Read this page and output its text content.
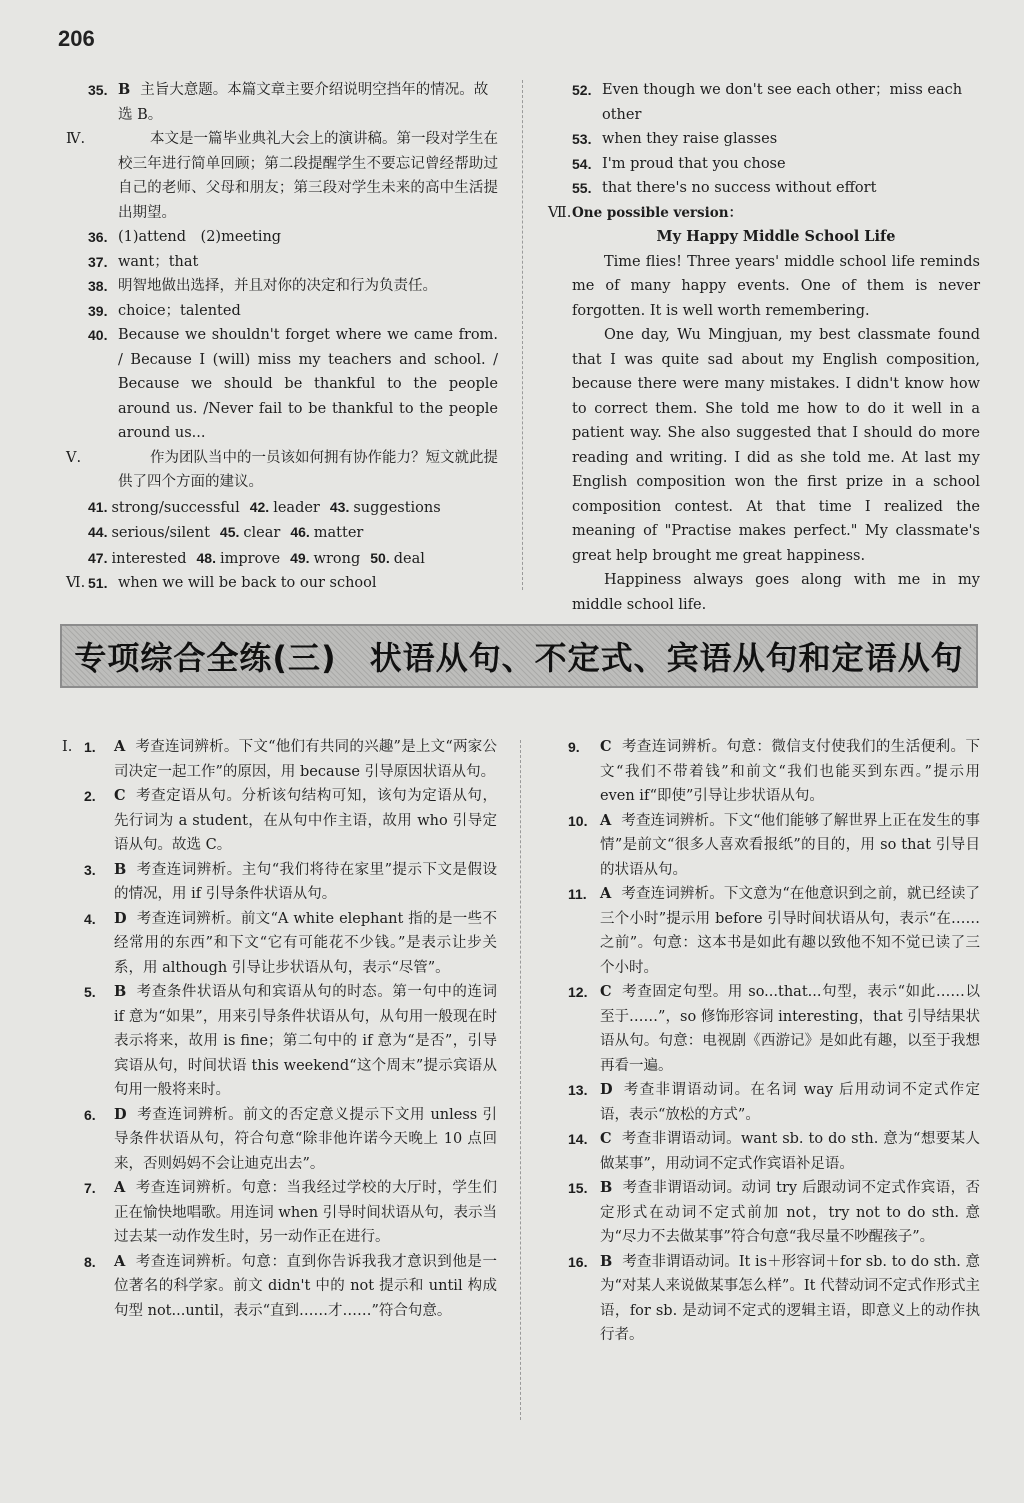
206
35. B 主旨大意题。本篇文章主要介绍说明空挡年的情况。故选 B。
Ⅳ.	本文是一篇毕业典礼大会上的演讲稿。第一段对学生在校三年进行简单回顾；第二段提醒学生不要忘记曾经帮助过自己的老师、父母和朋友；第三段对学生未来的高中生活提出期望。
36. (1)attend　(2)meeting
37. want；that
38. 明智地做出选择，并且对你的决定和行为负责任。
39. choice；talented
40. Because we shouldn't forget where we came from. / Because I (will) miss my teachers and school. / Because we should be thankful to the people around us. /Never fail to be thankful to the people around us...
Ⅴ.	作为团队当中的一员该如何拥有协作能力？短文就此提供了四个方面的建议。
41. strong/successful 42. leader 43. suggestions
44. serious/silent 45. clear 46. matter
47. interested 48. improve 49. wrong 50. deal
Ⅵ. 51. when we will be back to our school
52. Even though we don't see each other；miss each other
53. when they raise glasses
54. I'm proud that you chose
55. that there's no success without effort
Ⅶ. One possible version：
My Happy Middle School Life

Time flies! Three years' middle school life reminds me of many happy events. One of them is never forgotten. It is well worth remembering.

One day, Wu Mingjuan, my best classmate found that I was quite sad about my English composition, because there were many mistakes. I didn't know how to correct them. She told me how to do it well in a patient way. She also suggested that I should do more reading and writing. I did as she told me. At last my English composition won the first prize in a school composition contest. At that time I realized the meaning of "Practise makes perfect." My classmate's great help brought me great happiness.

Happiness always goes along with me in my middle school life.

专项综合全练(三)　状语从句、不定式、宾语从句和定语从句
Ⅰ. 1. A 考查连词辨析。下文“他们有共同的兴趣”是上文“两家公司决定一起工作”的原因，用 because 引导原因状语从句。
2. C 考查定语从句。分析该句结构可知，该句为定语从句，先行词为 a student，在从句中作主语，故用 who 引导定语从句。故选 C。
3. B 考查连词辨析。主句“我们将待在家里”提示下文是假设的情况，用 if 引导条件状语从句。
4. D 考查连词辨析。前文“A white elephant 指的是一些不经常用的东西”和下文“它有可能花不少钱。”是表示让步关系，用 although 引导让步状语从句，表示“尽管”。
5. B 考查条件状语从句和宾语从句的时态。第一句中的连词 if 意为“如果”，用来引导条件状语从句，从句用一般现在时表示将来，故用 is fine；第二句中的 if 意为“是否”，引导宾语从句，时间状语 this weekend“这个周末”提示宾语从句用一般将来时。
6. D 考查连词辨析。前文的否定意义提示下文用 unless 引导条件状语从句，符合句意“除非他许诺今天晚上 10 点回来，否则妈妈不会让迪克出去”。
7. A 考查连词辨析。句意：当我经过学校的大厅时，学生们正在愉快地唱歌。用连词 when 引导时间状语从句，表示当过去某一动作发生时，另一动作正在进行。
8. A 考查连词辨析。句意：直到你告诉我我才意识到他是一位著名的科学家。前文 didn't 中的 not 提示和 until 构成句型 not...until，表示“直到……才……”符合句意。
9. C 考查连词辨析。句意：微信支付使我们的生活便利。下文“我们不带着钱”和前文“我们也能买到东西。”提示用 even if“即使”引导让步状语从句。
10. A 考查连词辨析。下文“他们能够了解世界上正在发生的事情”是前文“很多人喜欢看报纸”的目的，用 so that 引导目的状语从句。
11. A 考查连词辨析。下文意为“在他意识到之前，就已经读了三个小时”提示用 before 引导时间状语从句，表示“在……之前”。句意：这本书是如此有趣以致他不知不觉已读了三个小时。
12. C 考查固定句型。用 so...that...句型，表示“如此……以至于……”，so 修饰形容词 interesting，that 引导结果状语从句。句意：电视剧《西游记》是如此有趣，以至于我想再看一遍。
13. D 考查非谓语动词。在名词 way 后用动词不定式作定语，表示“放松的方式”。
14. C 考查非谓语动词。want sb. to do sth. 意为“想要某人做某事”，用动词不定式作宾语补足语。
15. B 考查非谓语动词。动词 try 后跟动词不定式作宾语，否定形式在动词不定式前加 not，try not to do sth. 意为“尽力不去做某事”符合句意“我尽量不吵醒孩子”。
16. B 考查非谓语动词。It is＋形容词＋for sb. to do sth. 意为“对某人来说做某事怎么样”。It 代替动词不定式作形式主语，for sb. 是动词不定式的逻辑主语，即意义上的动作执行者。
